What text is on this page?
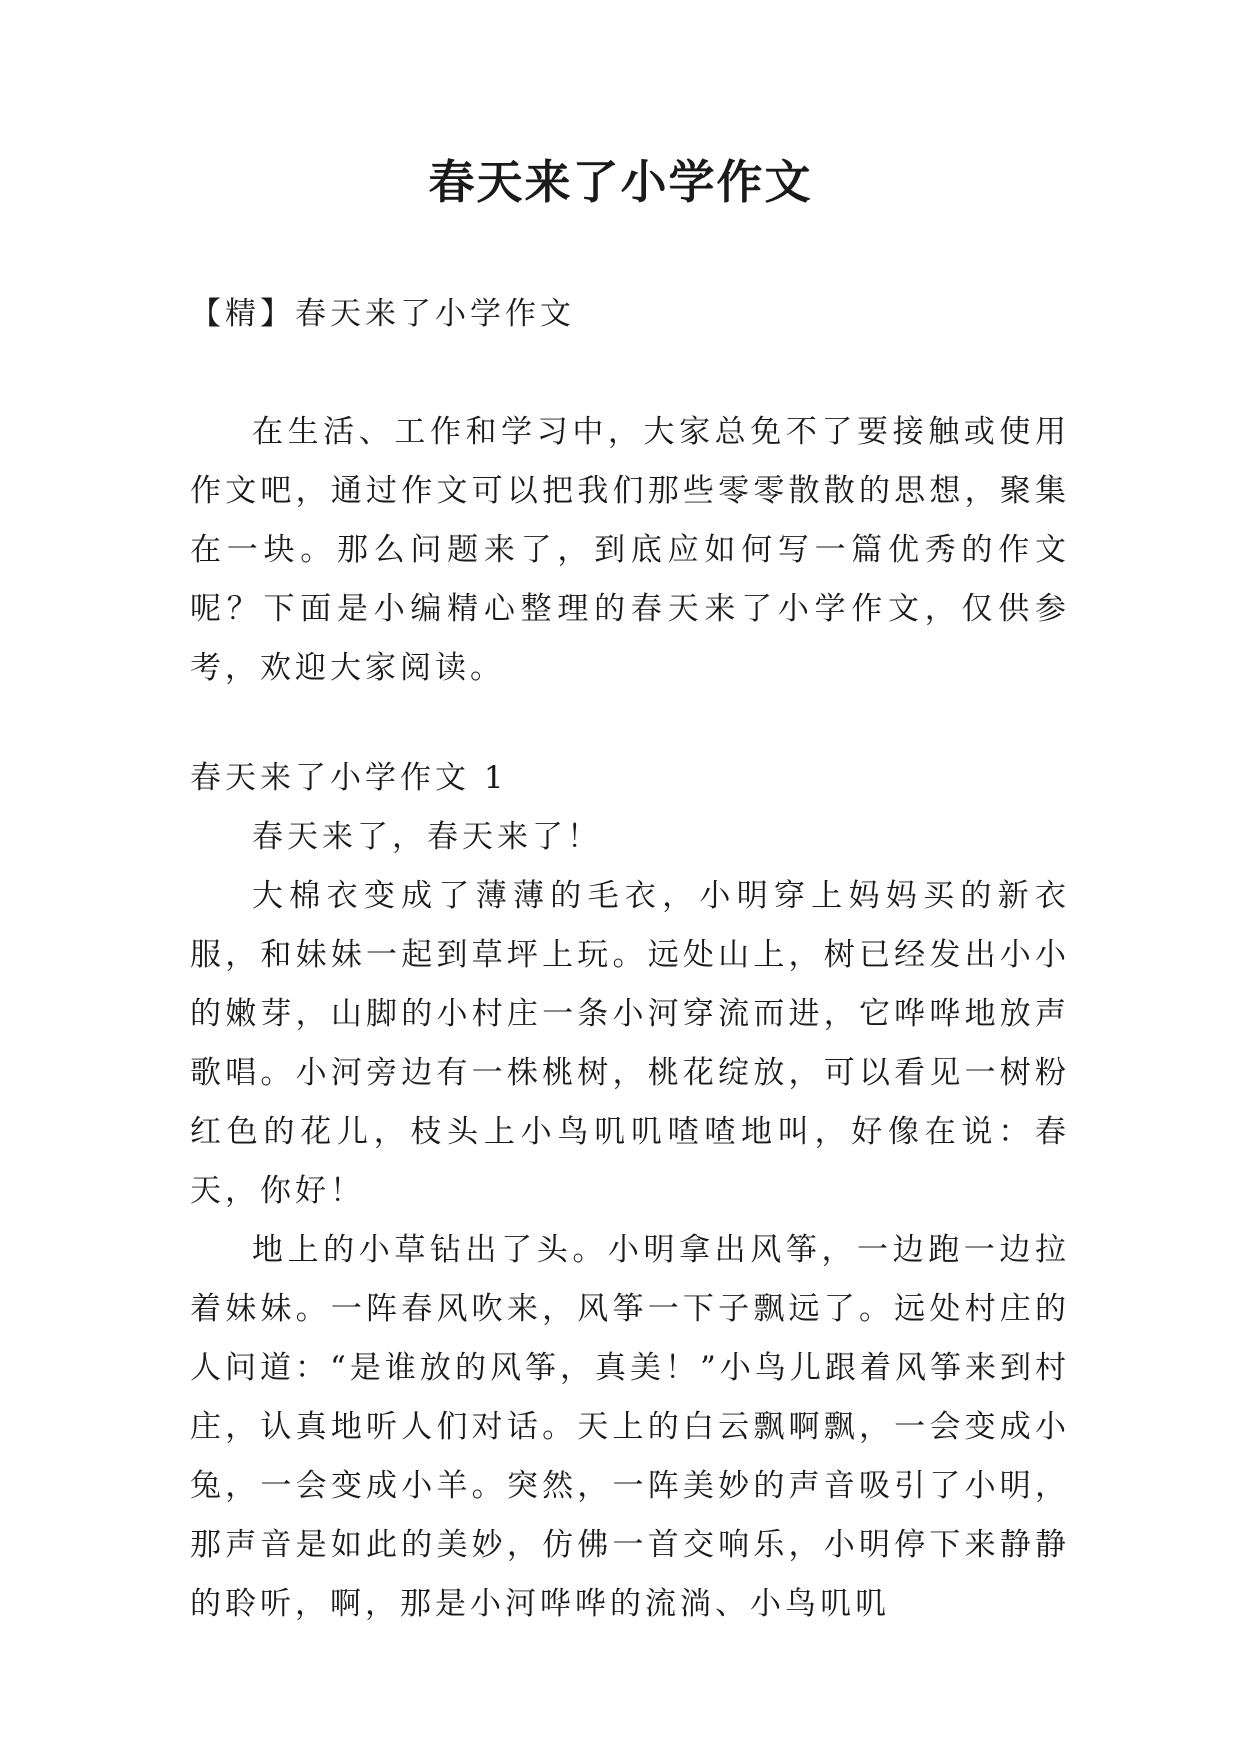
春天来了小学作文
【精】春天来了小学作文

在生活、工作和学习中，大家总免不了要接触或使用作文吧，通过作文可以把我们那些零零散散的思想，聚集在一块。那么问题来了，到底应如何写一篇优秀的作文呢？下面是小编精心整理的春天来了小学作文，仅供参考，欢迎大家阅读。

春天来了小学作文 1

春天来了，春天来了！

大棉衣变成了薄薄的毛衣，小明穿上妈妈买的新衣服，和妹妹一起到草坪上玩。远处山上，树已经发出小小的嫩芽，山脚的小村庄一条小河穿流而进，它哗哗地放声歌唱。小河旁边有一株桃树，桃花绽放，可以看见一树粉红色的花儿，枝头上小鸟叽叽喳喳地叫，好像在说：春天，你好！

地上的小草钻出了头。小明拿出风筝，一边跑一边拉着妹妹。一阵春风吹来，风筝一下子飘远了。远处村庄的人问道：“是谁放的风筝，真美！”小鸟儿跟着风筝来到村庄，认真地听人们对话。天上的白云飘啊飘，一会变成小兔，一会变成小羊。突然，一阵美妙的声音吸引了小明，那声音是如此的美妙，仿佛一首交响乐，小明停下来静静的聆听，啊，那是小河哗哗的流淌、小鸟叽叽
